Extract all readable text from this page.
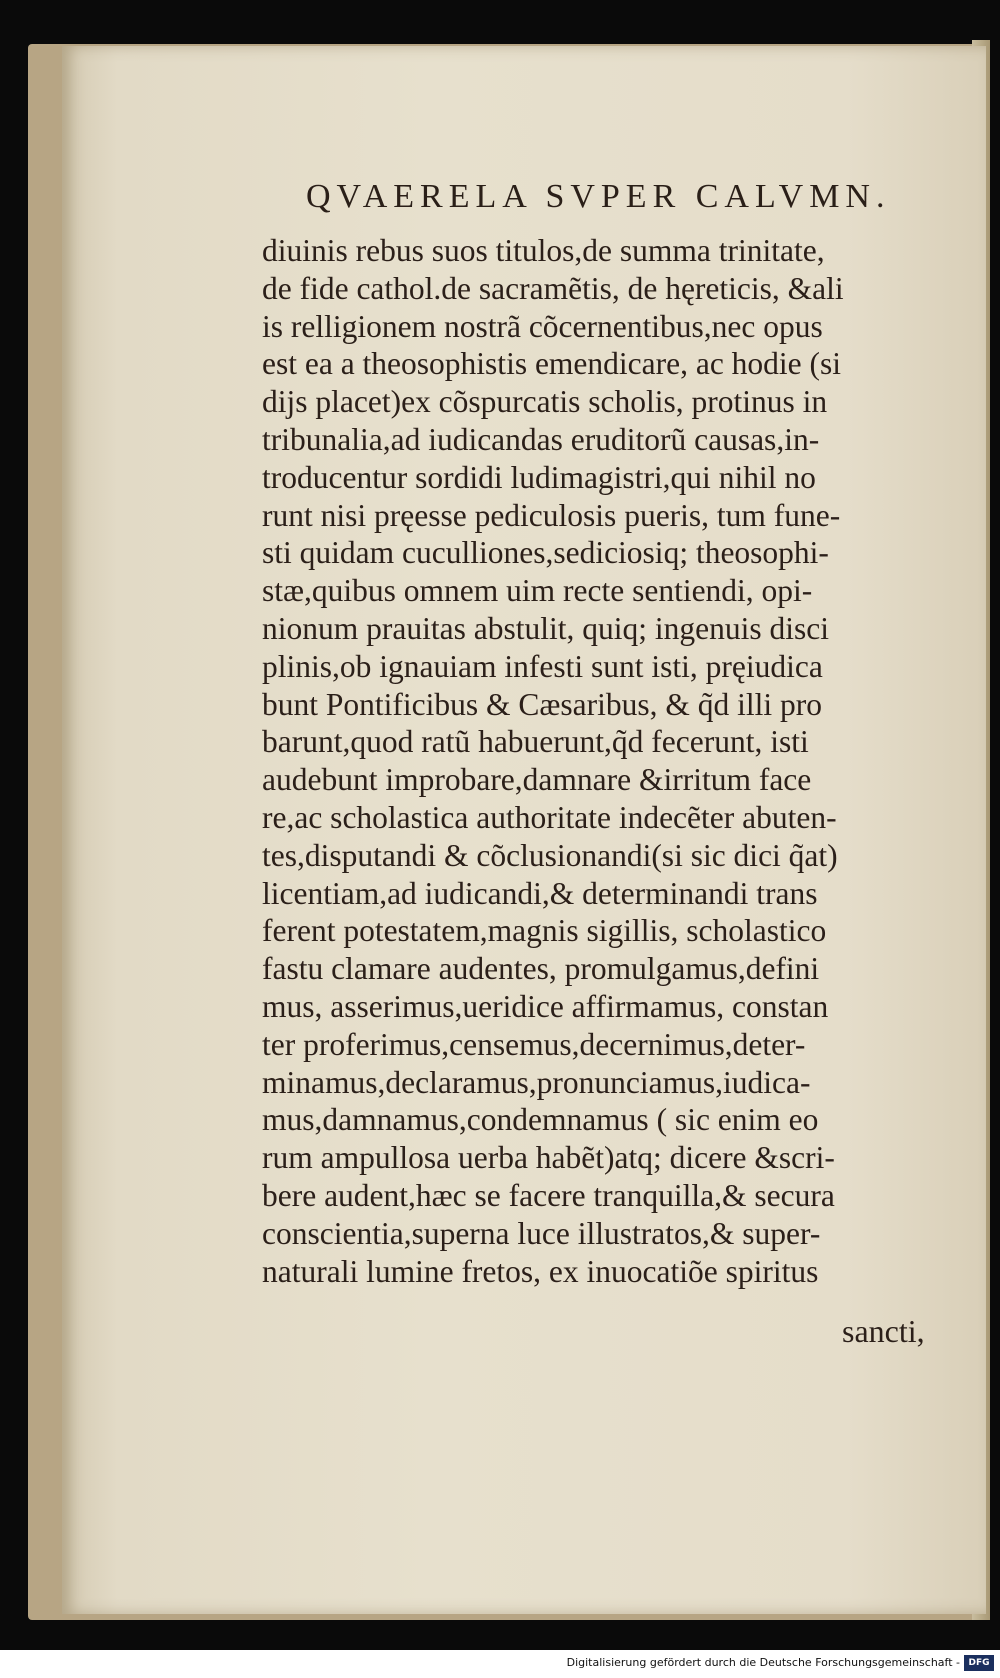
QVAERELA SVPER CALVMN.
diuinis rebus suos titulos,de summa trinitate,
de fide cathol.de sacramẽtis, de hęreticis, &ali
is relligionem nostrã cõcernentibus,nec opus
est ea a theosophistis emendicare, ac hodie (si
dijs placet)ex cõspurcatis scholis, protinus in
tribunalia,ad iudicandas eruditorũ causas,in-
troducentur sordidi ludimagistri,qui nihil no
runt nisi pręesse pediculosis pueris, tum fune-
sti quidam cuculliones,sediciosiq; theosophi-
stæ,quibus omnem uim recte sentiendi, opi-
nionum prauitas abstulit, quiq; ingenuis disci
plinis,ob ignauiam infesti sunt isti, pręiudica
bunt Pontificibus & Cæsaribus, & q̃d illi pro
barunt,quod ratũ habuerunt,q̃d fecerunt, isti
audebunt improbare,damnare &irritum face
re,ac scholastica authoritate indecẽter abuten-
tes,disputandi & cõclusionandi(si sic dici q̃at)
licentiam,ad iudicandi,& determinandi trans
ferent potestatem,magnis sigillis, scholastico
fastu clamare audentes, promulgamus,defini
mus, asserimus,ueridice affirmamus, constan
ter proferimus,censemus,decernimus,deter-
minamus,declaramus,pronunciamus,iudica-
mus,damnamus,condemnamus ( sic enim eo
rum ampullosa uerba habẽt)atq; dicere &scri-
bere audent,hæc se facere tranquilla,& secura
conscientia,superna luce illustratos,& super-
naturali lumine fretos, ex inuocatiõe spiritus
sancti,
Digitalisierung gefördert durch die Deutsche Forschungsgemeinschaft - DFG
